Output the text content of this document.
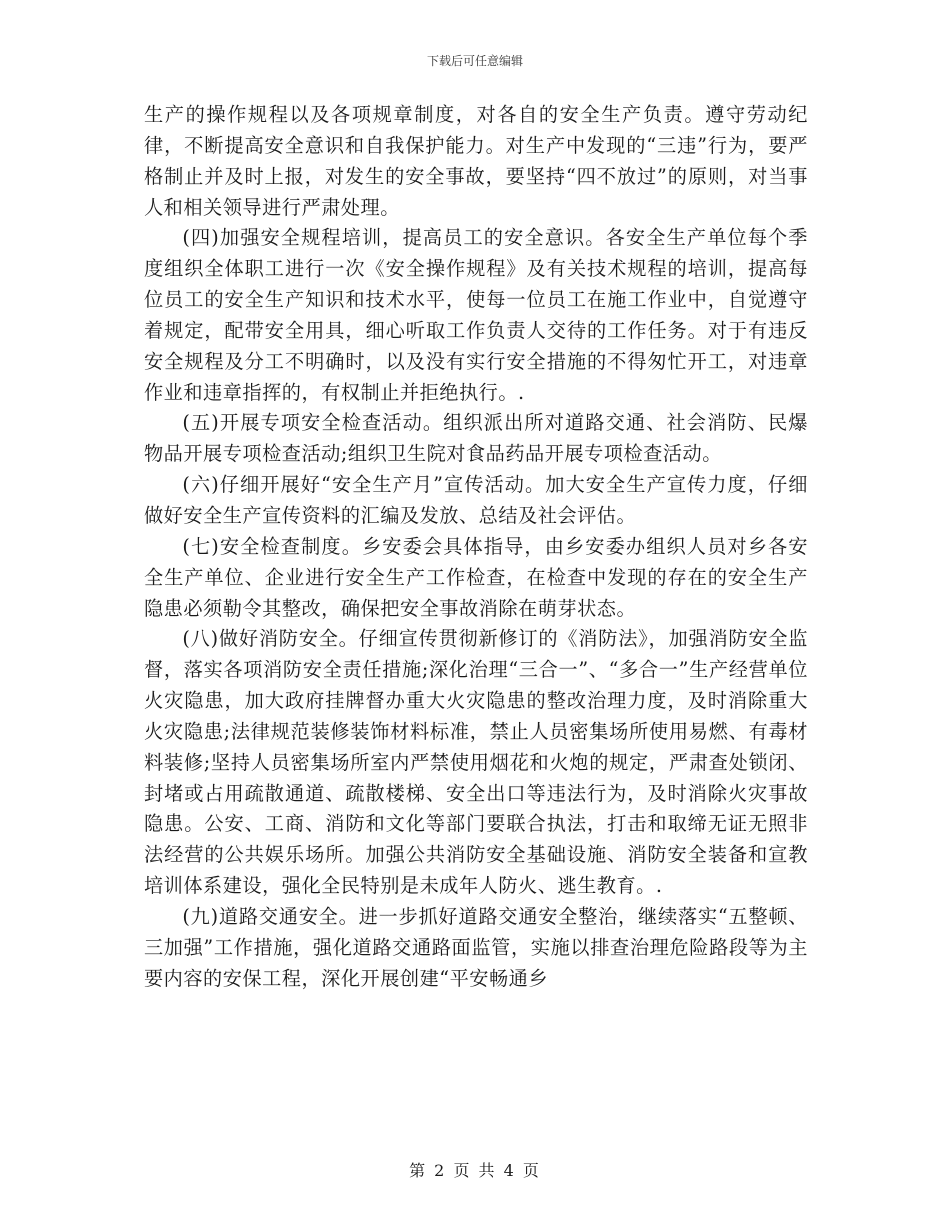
下载后可任意编辑

生产的操作规程以及各项规章制度，对各自的安全生产负责。遵守劳动纪律，不断提高安全意识和自我保护能力。对生产中发现的“三违”行为，要严格制止并及时上报，对发生的安全事故，要坚持“四不放过”的原则，对当事人和相关领导进行严肃处理。

(四)加强安全规程培训，提高员工的安全意识。各安全生产单位每个季度组织全体职工进行一次《安全操作规程》及有关技术规程的培训，提高每位员工的安全生产知识和技术水平，使每一位员工在施工作业中，自觉遵守着规定，配带安全用具，细心听取工作负责人交待的工作任务。对于有违反安全规程及分工不明确时，以及没有实行安全措施的不得匆忙开工，对违章作业和违章指挥的，有权制止并拒绝执行。.

(五)开展专项安全检查活动。组织派出所对道路交通、社会消防、民爆物品开展专项检查活动;组织卫生院对食品药品开展专项检查活动。

(六)仔细开展好“安全生产月”宣传活动。加大安全生产宣传力度，仔细做好安全生产宣传资料的汇编及发放、总结及社会评估。

(七)安全检查制度。乡安委会具体指导，由乡安委办组织人员对乡各安全生产单位、企业进行安全生产工作检查，在检查中发现的存在的安全生产隐患必须勒令其整改，确保把安全事故消除在萌芽状态。

(八)做好消防安全。仔细宣传贯彻新修订的《消防法》，加强消防安全监督，落实各项消防安全责任措施;深化治理“三合一”、“多合一”生产经营单位火灾隐患，加大政府挂牌督办重大火灾隐患的整改治理力度，及时消除重大火灾隐患;法律规范装修装饰材料标准，禁止人员密集场所使用易燃、有毒材料装修;坚持人员密集场所室内严禁使用烟花和火炮的规定，严肃查处锁闭、封堵或占用疏散通道、疏散楼梯、安全出口等违法行为，及时消除火灾事故隐患。公安、工商、消防和文化等部门要联合执法，打击和取缔无证无照非法经营的公共娱乐场所。加强公共消防安全基础设施、消防安全装备和宣教培训体系建设，强化全民特别是未成年人防火、逃生教育。.

(九)道路交通安全。进一步抓好道路交通安全整治，继续落实“五整顿、三加强”工作措施，强化道路交通路面监管，实施以排查治理危险路段等为主要内容的安保工程，深化开展创建“平安畅通乡

第 2 页 共 4 页
